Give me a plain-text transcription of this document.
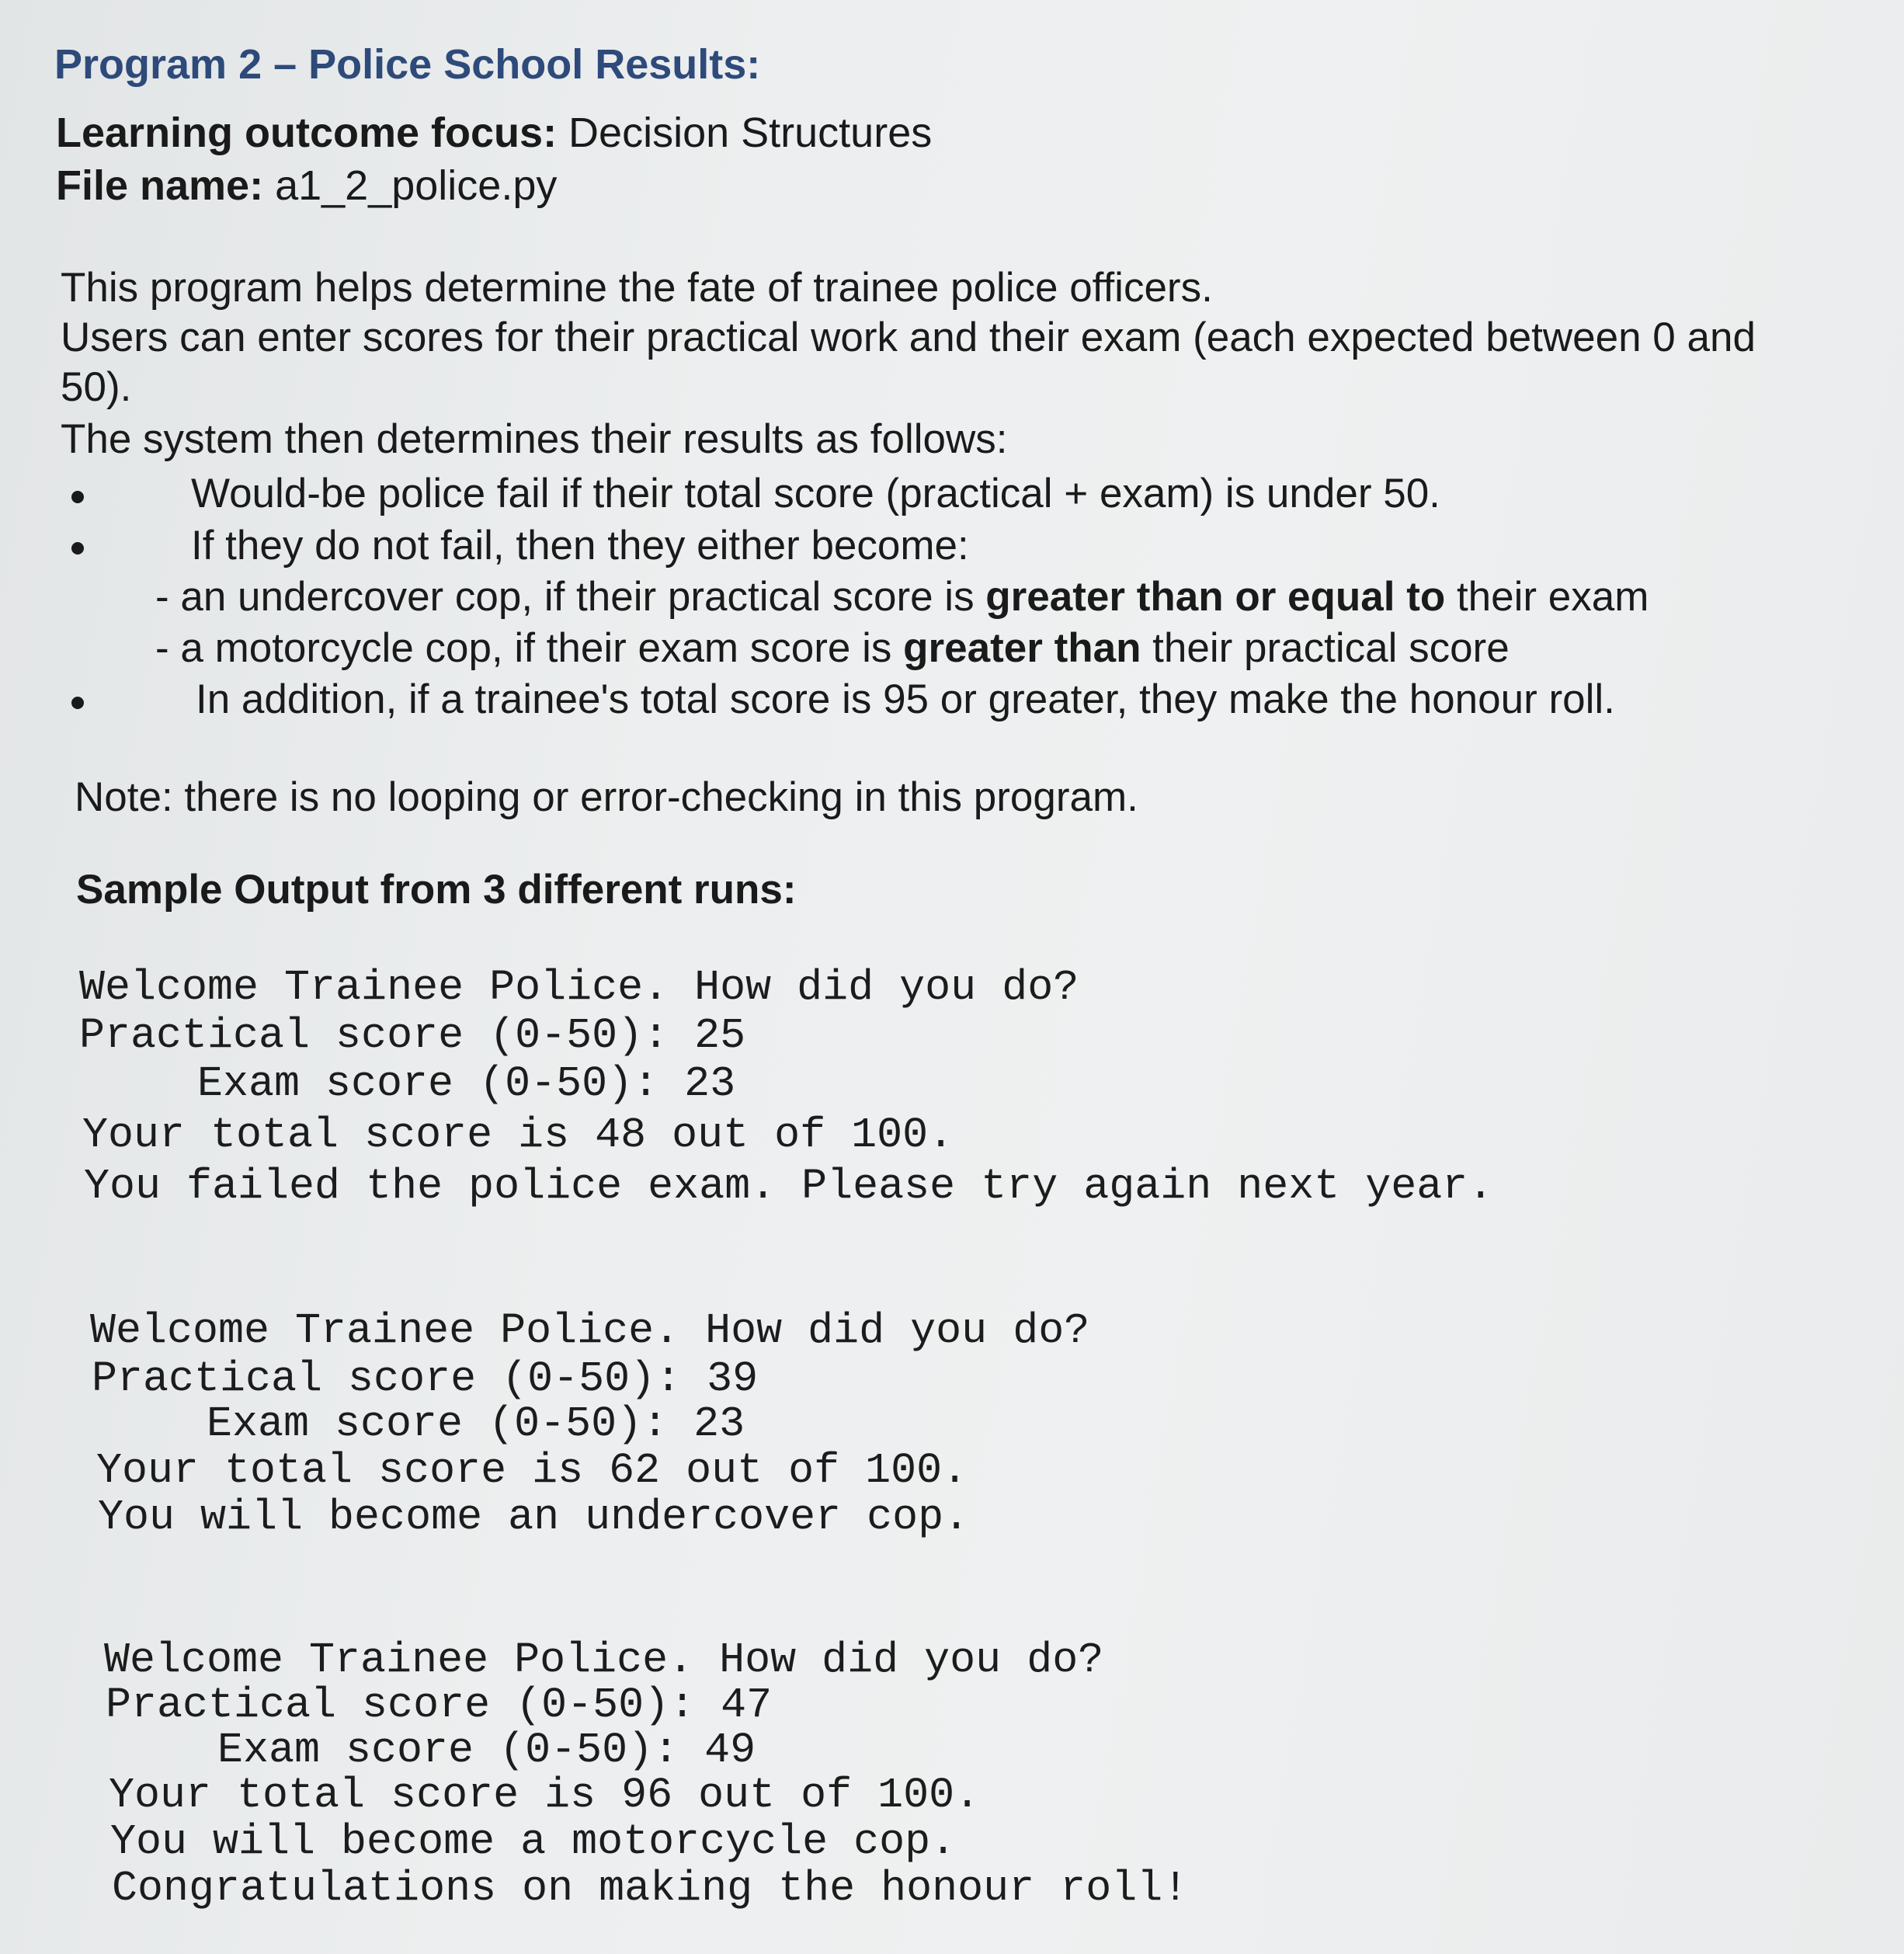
Program 2 – Police School Results:
Learning outcome focus: Decision Structures
File name: a1_2_police.py
This program helps determine the fate of trainee police officers.
Users can enter scores for their practical work and their exam (each expected between 0 and
50).
The system then determines their results as follows:
Would-be police fail if their total score (practical + exam) is under 50.
If they do not fail, then they either become:
- an undercover cop, if their practical score is greater than or equal to their exam
- a motorcycle cop, if their exam score is greater than their practical score
In addition, if a trainee's total score is 95 or greater, they make the honour roll.
Note: there is no looping or error-checking in this program.
Sample Output from 3 different runs:
Welcome Trainee Police. How did you do?
Practical score (0-50): 25
Exam score (0-50): 23
Your total score is 48 out of 100.
You failed the police exam. Please try again next year.
Welcome Trainee Police. How did you do?
Practical score (0-50): 39
Exam score (0-50): 23
Your total score is 62 out of 100.
You will become an undercover cop.
Welcome Trainee Police. How did you do?
Practical score (0-50): 47
Exam score (0-50): 49
Your total score is 96 out of 100.
You will become a motorcycle cop.
Congratulations on making the honour roll!
